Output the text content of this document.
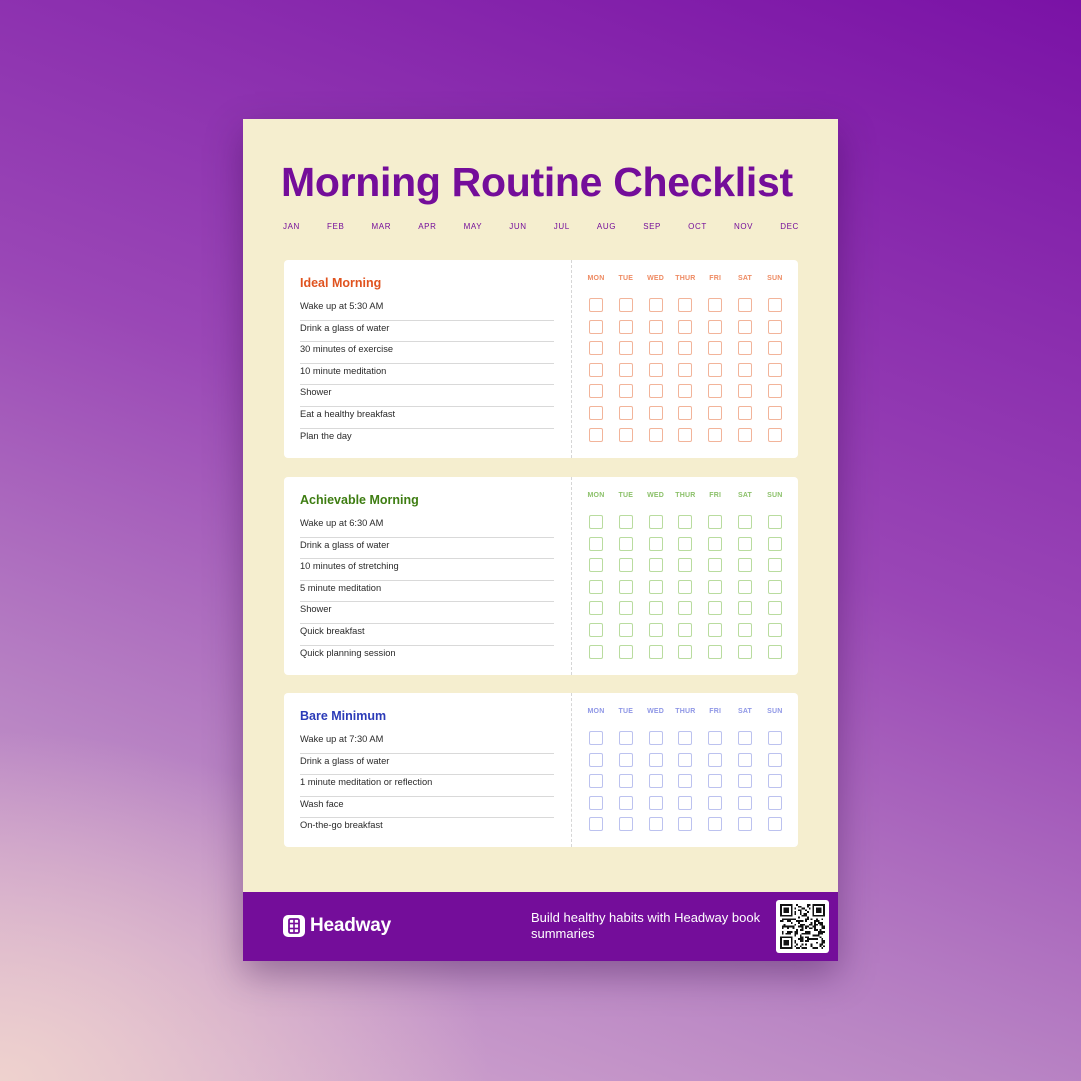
Morning Routine Checklist
JAN	FEB	MAR	APR	MAY	JUN	JUL	AUG	SEP	OCT	NOV	DEC
Ideal Morning	MON	TUE	WED	THUR	FRI	SAT	SUN
Wake up at 5:30 AM
Drink a glass of water
30 minutes of exercise
10 minute meditation
Shower
Eat a healthy breakfast
Plan the day
Achievable Morning	MON	TUE	WED	THUR	FRI	SAT	SUN
Wake up at 6:30 AM
Drink a glass of water
10 minutes of stretching
5 minute meditation
Shower
Quick breakfast
Quick planning session
Bare Minimum	MON	TUE	WED	THUR	FRI	SAT	SUN
Wake up at 7:30 AM
Drink a glass of water
1 minute meditation or reflection
Wash face
On-the-go breakfast
Headway	Build healthy habits with Headway book summaries
